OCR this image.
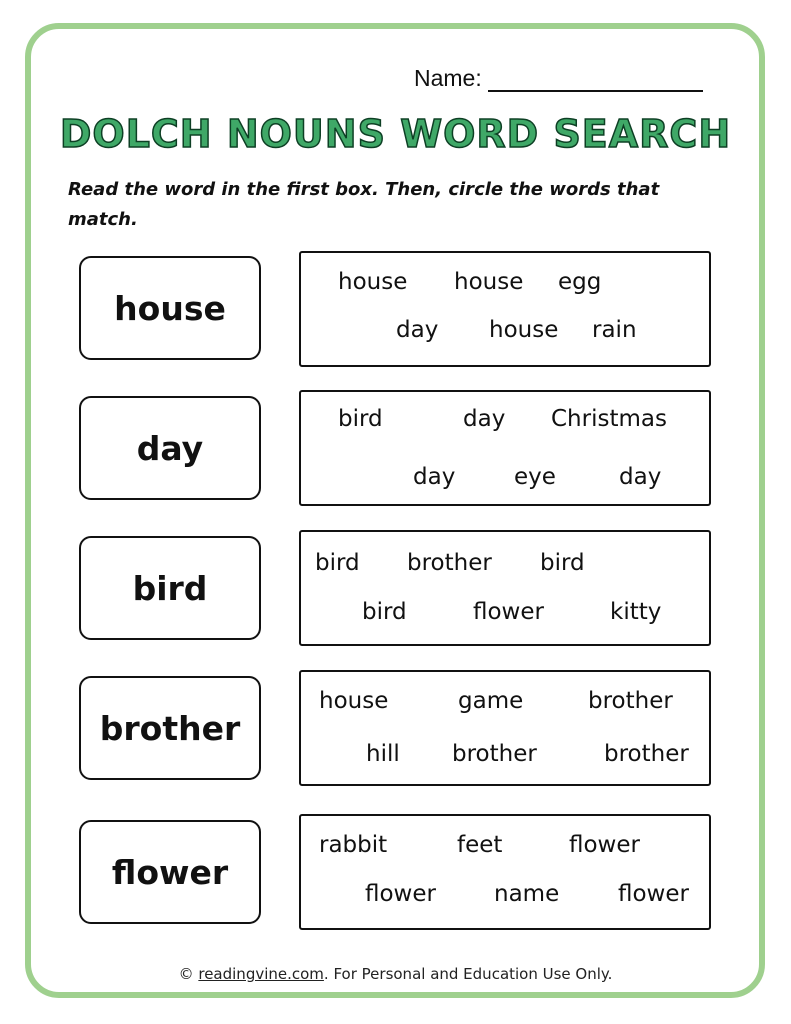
Name:
DOLCH NOUNS WORD SEARCH
Read the word in the first box. Then, circle the words that match.
house
house house egg
day house rain
day
bird	day Christmas
day	eye	day
bird
bird brother bird
bird	flower	kitty
brother
house	game	brother
hill brother	brother
flower
rabbit	feet	flower
flower	name	flower
© readingvine.com. For Personal and Education Use Only.
